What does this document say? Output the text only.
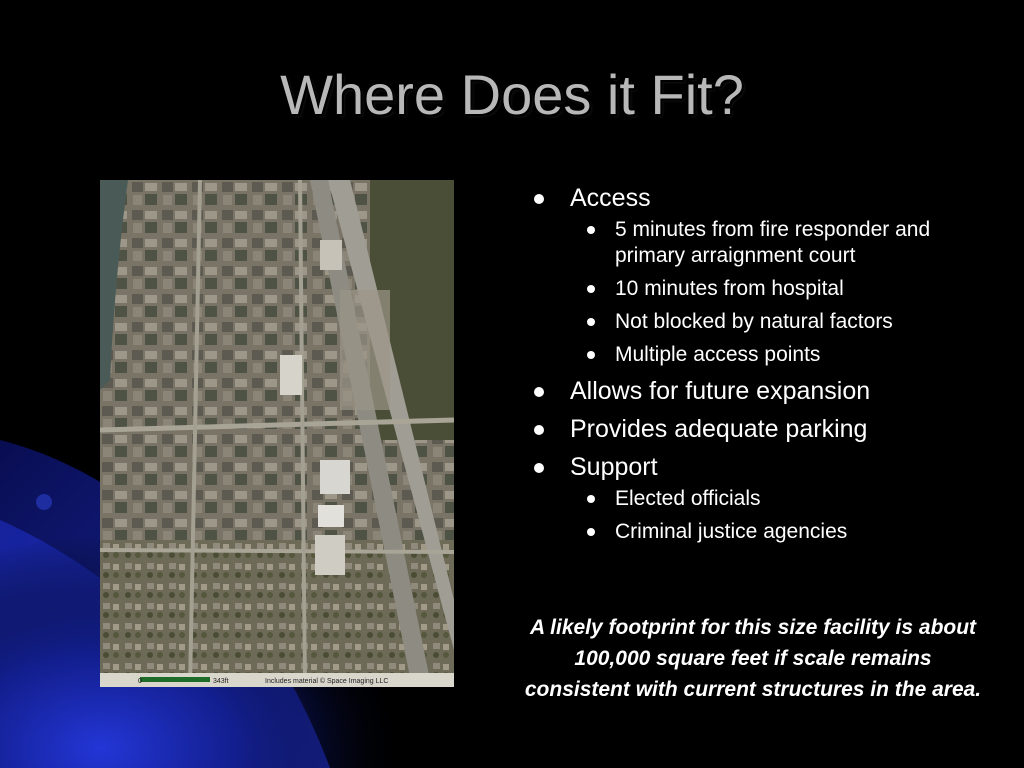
Where Does it Fit?
0	343ft	Includes material © Space Imaging LLC
Access
5 minutes from fire responder and primary arraignment court
10 minutes from hospital
Not blocked by natural factors
Multiple access points
Allows for future expansion
Provides adequate parking
Support
Elected officials
Criminal justice agencies

A likely footprint for this size facility is about 100,000 square feet if scale remains consistent with current structures in the area.
